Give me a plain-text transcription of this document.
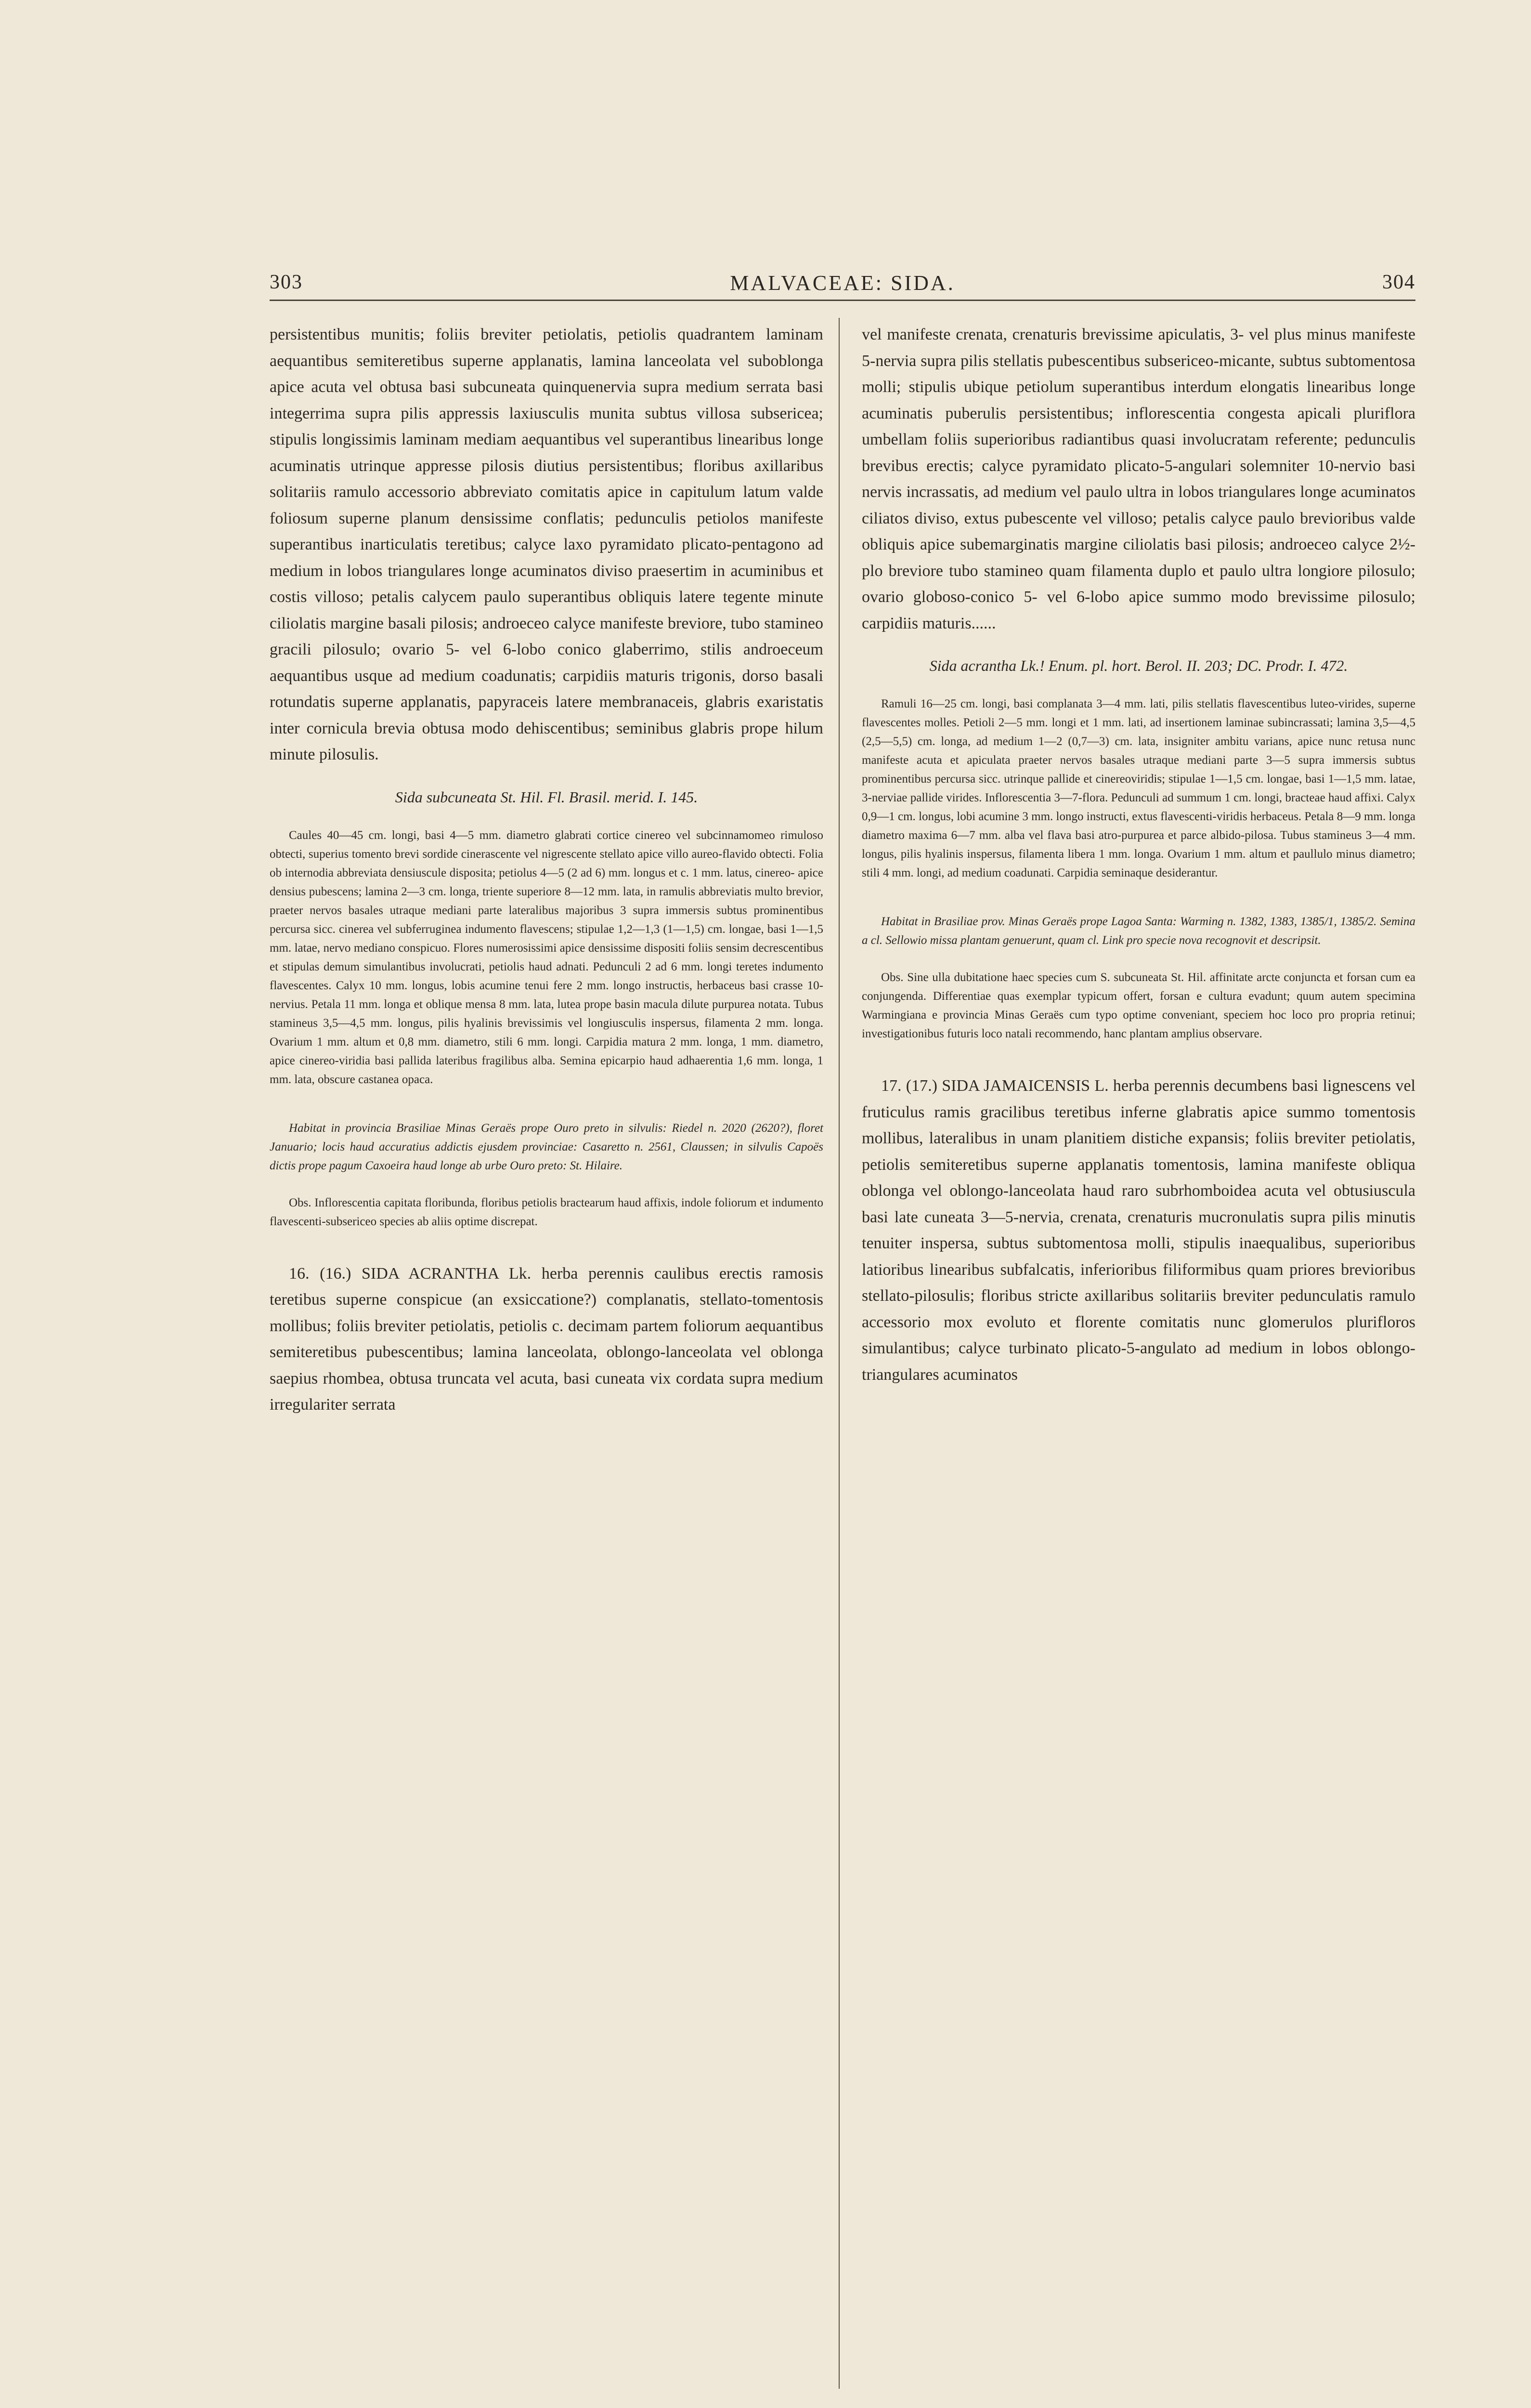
303	MALVACEAE: SIDA.	304

persistentibus munitis; foliis breviter petiolatis, petiolis quadrantem laminam aequantibus semiteretibus superne applanatis, lamina lanceolata vel suboblonga apice acuta vel obtusa basi subcuneata quinquenervia supra medium serrata basi integerrima supra pilis appressis laxiusculis munita subtus villosa subsericea; stipulis longissimis laminam mediam aequantibus vel superantibus linearibus longe acuminatis utrinque appresse pilosis diutius persistentibus; floribus axillaribus solitariis ramulo accessorio abbreviato comitatis apice in capitulum latum valde foliosum superne planum densissime conflatis; pedunculis petiolos manifeste superantibus inarticulatis teretibus; calyce laxo pyramidato plicato-pentagono ad medium in lobos triangulares longe acuminatos diviso praesertim in acuminibus et costis villoso; petalis calycem paulo superantibus obliquis latere tegente minute ciliolatis margine basali pilosis; androeceo calyce manifeste breviore, tubo stamineo gracili pilosulo; ovario 5- vel 6-lobo conico glaberrimo, stilis androeceum aequantibus usque ad medium coadunatis; carpidiis maturis trigonis, dorso basali rotundatis superne applanatis, papyraceis latere membranaceis, glabris exaristatis inter cornicula brevia obtusa modo dehiscentibus; seminibus glabris prope hilum minute pilosulis.

Sida subcuneata St. Hil. Fl. Brasil. merid. I. 145.

Caules 40—45 cm. longi, basi 4—5 mm. diametro glabrati cortice cinereo vel subcinnamomeo rimuloso obtecti, superius tomento brevi sordide cinerascente vel nigrescente stellato apice villo aureo-flavido obtecti. Folia ob internodia abbreviata densiuscule disposita; petiolus 4—5 (2 ad 6) mm. longus et c. 1 mm. latus, cinereo- apice densius pubescens; lamina 2—3 cm. longa, triente superiore 8—12 mm. lata, in ramulis abbreviatis multo brevior, praeter nervos basales utraque mediani parte lateralibus majoribus 3 supra immersis subtus prominentibus percursa sicc. cinerea vel subferruginea indumento flavescens; stipulae 1,2—1,3 (1—1,5) cm. longae, basi 1—1,5 mm. latae, nervo mediano conspicuo. Flores numerosissimi apice densissime dispositi foliis sensim decrescentibus et stipulas demum simulantibus involucrati, petiolis haud adnati. Pedunculi 2 ad 6 mm. longi teretes indumento flavescentes. Calyx 10 mm. longus, lobis acumine tenui fere 2 mm. longo instructis, herbaceus basi crasse 10-nervius. Petala 11 mm. longa et oblique mensa 8 mm. lata, lutea prope basin macula dilute purpurea notata. Tubus stamineus 3,5—4,5 mm. longus, pilis hyalinis brevissimis vel longiusculis inspersus, filamenta 2 mm. longa. Ovarium 1 mm. altum et 0,8 mm. diametro, stili 6 mm. longi. Carpidia matura 2 mm. longa, 1 mm. diametro, apice cinereo-viridia basi pallida lateribus fragilibus alba. Semina epicarpio haud adhaerentia 1,6 mm. longa, 1 mm. lata, obscure castanea opaca.

Habitat in provincia Brasiliae Minas Geraës prope Ouro preto in silvulis: Riedel n. 2020 (2620?), floret Januario; locis haud accuratius addictis ejusdem provinciae: Casaretto n. 2561, Claussen; in silvulis Capoës dictis prope pagum Caxoeira haud longe ab urbe Ouro preto: St. Hilaire.

Obs. Inflorescentia capitata floribunda, floribus petiolis bractearum haud affixis, indole foliorum et indumento flavescenti-subsericeo species ab aliis optime discrepat.

16. (16.) SIDA ACRANTHA Lk. herba perennis caulibus erectis ramosis teretibus superne conspicue (an exsiccatione?) complanatis, stellato-tomentosis mollibus; foliis breviter petiolatis, petiolis c. decimam partem foliorum aequantibus semiteretibus pubescentibus; lamina lanceolata, oblongo-lanceolata vel oblonga saepius rhombea, obtusa truncata vel acuta, basi cuneata vix cordata supra medium irregulariter serrata

vel manifeste crenata, crenaturis brevissime apiculatis, 3- vel plus minus manifeste 5-nervia supra pilis stellatis pubescentibus subsericeo-micante, subtus subtomentosa molli; stipulis ubique petiolum superantibus interdum elongatis linearibus longe acuminatis puberulis persistentibus; inflorescentia congesta apicali pluriflora umbellam foliis superioribus radiantibus quasi involucratam referente; pedunculis brevibus erectis; calyce pyramidato plicato-5-angulari solemniter 10-nervio basi nervis incrassatis, ad medium vel paulo ultra in lobos triangulares longe acuminatos ciliatos diviso, extus pubescente vel villoso; petalis calyce paulo brevioribus valde obliquis apice subemarginatis margine ciliolatis basi pilosis; androeceo calyce 2½-plo breviore tubo stamineo quam filamenta duplo et paulo ultra longiore pilosulo; ovario globoso-conico 5- vel 6-lobo apice summo modo brevissime pilosulo; carpidiis maturis......

Sida acrantha Lk.! Enum. pl. hort. Berol. II. 203; DC. Prodr. I. 472.

Ramuli 16—25 cm. longi, basi complanata 3—4 mm. lati, pilis stellatis flavescentibus luteo-virides, superne flavescentes molles. Petioli 2—5 mm. longi et 1 mm. lati, ad insertionem laminae subincrassati; lamina 3,5—4,5 (2,5—5,5) cm. longa, ad medium 1—2 (0,7—3) cm. lata, insigniter ambitu varians, apice nunc retusa nunc manifeste acuta et apiculata praeter nervos basales utraque mediani parte 3—5 supra immersis subtus prominentibus percursa sicc. utrinque pallide et cinereoviridis; stipulae 1—1,5 cm. longae, basi 1—1,5 mm. latae, 3-nerviae pallide virides. Inflorescentia 3—7-flora. Pedunculi ad summum 1 cm. longi, bracteae haud affixi. Calyx 0,9—1 cm. longus, lobi acumine 3 mm. longo instructi, extus flavescenti-viridis herbaceus. Petala 8—9 mm. longa diametro maxima 6—7 mm. alba vel flava basi atro-purpurea et parce albido-pilosa. Tubus stamineus 3—4 mm. longus, pilis hyalinis inspersus, filamenta libera 1 mm. longa. Ovarium 1 mm. altum et paullulo minus diametro; stili 4 mm. longi, ad medium coadunati. Carpidia seminaque desiderantur.

Habitat in Brasiliae prov. Minas Geraës prope Lagoa Santa: Warming n. 1382, 1383, 1385/1, 1385/2. Semina a cl. Sellowio missa plantam genuerunt, quam cl. Link pro specie nova recognovit et descripsit.

Obs. Sine ulla dubitatione haec species cum S. subcuneata St. Hil. affinitate arcte conjuncta et forsan cum ea conjungenda. Differentiae quas exemplar typicum offert, forsan e cultura evadunt; quum autem specimina Warmingiana e provincia Minas Geraës cum typo optime conveniant, speciem hoc loco pro propria retinui; investigationibus futuris loco natali recommendo, hanc plantam amplius observare.

17. (17.) SIDA JAMAICENSIS L. herba perennis decumbens basi lignescens vel fruticulus ramis gracilibus teretibus inferne glabratis apice summo tomentosis mollibus, lateralibus in unam planitiem distiche expansis; foliis breviter petiolatis, petiolis semiteretibus superne applanatis tomentosis, lamina manifeste obliqua oblonga vel oblongo-lanceolata haud raro subrhomboidea acuta vel obtusiuscula basi late cuneata 3—5-nervia, crenata, crenaturis mucronulatis supra pilis minutis tenuiter inspersa, subtus subtomentosa molli, stipulis inaequalibus, superioribus latioribus linearibus subfalcatis, inferioribus filiformibus quam priores brevioribus stellato-pilosulis; floribus stricte axillaribus solitariis breviter pedunculatis ramulo accessorio mox evoluto et florente comitatis nunc glomerulos plurifloros simulantibus; calyce turbinato plicato-5-angulato ad medium in lobos oblongo-triangulares acuminatos
